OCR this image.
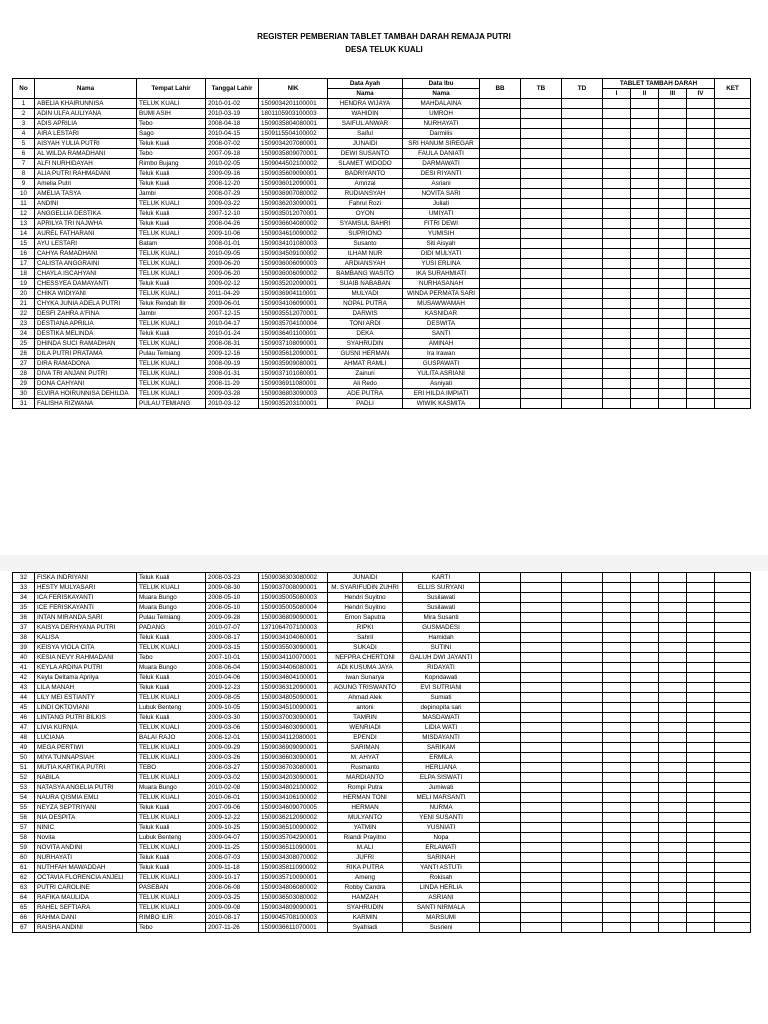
REGISTER PEMBERIAN TABLET TAMBAH DARAH REMAJA PUTRI
DESA TELUK KUALI
No	Nama	Tempat Lahir	Tanggal Lahir	NIK	Data Ayah	Data Ibu	BB	TB	TD	TABLET TAMBAH DARAH				KET
					Nama	Nama				I	II	III	IV	
1	ABELIA KHAIRUNNISA	TELUK KUALI	2010-01-02	1509034201100001	HENDRA WIJAYA	MAHDALAINA								
2	ADIN ULFA AULIYANA	BUMI ASIH	2010-03-19	1801105903100003	WAHIDIN	UMROH								
3	ADIS APRILIA	Tebo	2008-04-18	1509035804080001	SAIFUL ANWAR	NURHAYATI								
4	AIRA LESTARI	Sago	2010-04-15	1509115504100002	Saiful	Darmilis								
5	AISYAH YULIA PUTRI	Teluk Kuali	2008-07-02	1509034207080001	JUNAIDI	SRI HANUM SIREGAR								
6	AL WILDA RAMADHANI	Tebo	2007-09-18	1509035809070001	DEWI SUSANTO	FAULA DANIATI								
7	ALFI NURHIDAYAH	Rimbo Bujang	2010-02-05	1509044502100002	SLAMET WIDODO	DARMAWATI								
8	ALIA PUTRI RAHMADANI	Teluk Kuali	2009-09-16	1509035609090001	BADRIYANTO	DESI RIYANTI								
9	Amelia Putri	Teluk Kuali	2008-12-20	1509036012090001	Amrizal	Asriani								
10	AMELIA TASYA	Jambi	2008-07-29	1509036907080002	RUDIANSYAH	NOVITA SARI								
11	ANDINI	TELUK KUALI	2009-03-22	1509036203090001	Fahrul Rozi	Juliati								
12	ANGGELLIA DESTIKA	Teluk Kuali	2007-12-10	1509035012070001	OYON	UMIYATI								
13	APRILYA TRI NAJWHA	Teluk Kuali	2008-04-26	1509036604080002	SYAMSUL BAHRI	FITRI DEWI								
14	AUREL FATHARANI	TELUK KUALI	2009-10-06	1509034610090002	SUPRIONO	YUMISIH								
15	AYU LESTARI	Batam	2008-01-01	1509034101080003	Susanto	Siti Aisyah								
16	CAHYA RAMADHANI	TELUK KUALI	2010-09-05	1509034509100002	ILHAM NUR	DIDI MULYATI								
17	CALISTA ANGGRAINI	TELUK KUALI	2009-06-20	1509036006090003	ARDIANSYAH	YUSI ERLINA								
18	CHAYLA ISCAHYANI	TELUK KUALI	2009-06-20	1509036006090002	BAMBANG WASITO	IKA SURAHMIATI								
19	CHESSYEA DAMAYANTI	Teluk Kuali	2009-02-12	1509035202090001	SUAIB NABABAN	NURHASANAH								
20	CHIKA WIDIYANI	TELUK KUALI	2011-04-29	1509036904110001	MULYADI	WINDA PERMATA SARI								
21	CHYKA JUNIA ADELA PUTRI	Teluk Rendah Ilir	2009-06-01	1509034106090001	NOPAL PUTRA	MUSAWWAMAH								
22	DESFI ZAHRA A'FINA	Jambi	2007-12-15	1509035512070001	DARWIS	KASNIDAR								
23	DESTIANA APRILIA	TELUK KUALI	2010-04-17	1509035704100004	TONI ARDI	DESWITA								
24	DESTIKA MELINDA	Teluk Kuali	2010-01-24	1509036401100001	DEKA	SANTI								
25	DHINDA SUCI RAMADHAN	TELUK KUALI	2008-08-31	1509037108090001	SYAHRUDIN	AMINAH								
26	DILA PUTRI PRATAMA	Pulau Temiang	2009-12-16	1509035612090001	GUSNI HERMAN	Ira Irawan								
27	DIRA RAMADONA	TELUK KUALI	2008-09-19	1509035909080001	AHMAT RAMLI	GUSPAWATI								
28	DIVA TRI ANJANI PUTRI	TELUK KUALI	2008-01-31	1509037101080001	Zainuri	YULITA ASRIANI								
29	DONA CAHYANI	TELUK KUALI	2008-11-29	1509036911080001	Ali Redo	Asniyati								
30	ELVIRA HOIRUNNISA DEHILDA	TELUK KUALI	2009-03-28	1509036803090003	ADE PUTRA	ERI HILDA IMPIATI								
31	FALISHA RIZWANA	PULAU TEMIANG	2010-03-12	1509035203100001	PADLI	WIWIK KASMITA								
32	FISKA INDRIYANI	Teluk Kuali	2008-03-23	1509036303080002	JUNAIDI	KARTI								
33	HESTY MULYASARI	TELUK KUALI	2009-08-30	1509037008090001	M. SYARIFUDIN ZUHRI	ELLIS SURYANI								
34	ICA FERISKAYANTI	Muara Bungo	2008-05-10	1509035005080003	Hendri Suyitno	Susilawati								
35	ICE FERISKAYANTI	Muara Bungo	2008-05-10	1509035005080004	Hendri Suyitno	Susilawati								
36	INTAN MIRANDA SARI	Pulau Temiang	2009-09-28	1509036809090001	Emon Saputra	Mira Susanti								
37	KAISYA DERHYANA PUTRI	PADANG	2010-07-07	1371064707100003	RIPKI	GUSMADESI								
38	KALISA	Teluk Kuali	2009-08-17	1509034104060001	Sahril	Hamidah								
39	KEISYA VIOLA CITA	TELUK KUALI	2009-03-15	1509035503090001	SUKADI	SUTINI								
40	KESIA NEVY RAHMADANI	Tebo	2007-10-01	1509034110070001	NEFPRA CHERTONI	GALUH DWI JAYANTI								
41	KEYLA ARDINA PUTRI	Muara Bungo	2008-06-04	1509034406080001	ADI KUSUMA JAYA	RIDAYATI								
42	Keyla Deltama Aprilya	Teluk Kuali	2010-04-06	1509034604100001	Iwan Sunarya	Kopridawati								
43	LILA MANAH	Teluk Kuali	2009-12-23	1509036312090001	AGUNG TRISWANTO	EVI SUTRIANI								
44	LILY MEI ESTIANTY	TELUK KUALI	2009-08-05	1509034805090001	Ahmad Alek	Sumiati								
45	LINDI OKTOVIANI	Lubuk Benteng	2009-10-05	1509034510090001	antoni	depinopita sari								
46	LINTANG PUTRI BILKIS	Teluk Kuali	2009-03-30	1509037003090001	TAMRIN	MASDAWATI								
47	LIVIA KURNIA	TELUK KUALI	2009-03-06	1509034603090001	WENRIADI	LIDIA WATI								
48	LUCIANA	BALAI RAJO	2008-12-01	1509034112080001	EPENDI	MISDAYANTI								
49	MEGA PERTIWI	TELUK KUALI	2009-09-29	1509036909090001	SARIMAN	SARIKAM								
50	MIYA TUNNAPSIAH	TELUK KUALI	2009-03-26	1509036603090001	M. AHYAT	ERMILA								
51	MUTIA KARTIKA PUTRI	TEBO	2008-03-27	1509036703080001	Rusmanto	HERLIANA								
52	NABILA	TELUK KUALI	2009-03-02	1509034203090001	MARDIANTO	ELPA SISWATI								
53	NATASYA ANGELIA PUTRI	Muara Bungo	2010-02-08	1509034802100002	Rompi Putra	Jumiwati								
54	NAURA QISMIA EMLI	TELUK KUALI	2010-06-01	1509034106100002	HERMAN TONI	MELI MARSANTI								
55	NEYZA SEPTRIYANI	Teluk Kuali	2007-09-06	1509034609070005	HERMAN	NURMA								
56	NIA DESPITA	TELUK KUALI	2009-12-22	1509036212090002	MULYANTO	YENI SUSANTI								
57	NINIC	Teluk Kuali	2009-10-25	1509036510090002	YATMIN	YUSNIATI								
58	Novita	Lubuk Benteng	2009-04-07	1509035704290001	Riandi Prayitno	Nopa								
59	NOVITA ANDINI	TELUK KUALI	2009-11-25	1509036511090001	M.ALI	ERLAWATI								
60	NURHAYATI	Teluk Kuali	2008-07-03	1509034308070002	JUFRI	SARINAH								
61	NUTHFAH MAWADDAH	Teluk Kuali	2009-11-18	1509035811090002	RIKA PUTRA	YANTI ASTUTI								
62	OCTAVIA FLORENCIA ANJELI	TELUK KUALI	2009-10-17	1509035710090001	Ameng	Rokisah								
63	PUTRI CAROLINE	PASEBAN	2008-06-08	1509034806080002	Robby Candra	LINDA HERLIA								
64	RAFIKA MAULIDA	TELUK KUALI	2009-03-25	1509036503080002	HAMZAH	ASRIANI								
65	RAHEL SEFTIARA	TELUK KUALI	2009-09-08	1509034809090001	SYAHRUDIN	SANTI NIRMALA								
66	RAHMA DANI	RIMBO ILIR	2010-08-17	1509045708100003	KARMIN	MARSUMI								
67	RAISHA ANDINI	Tebo	2007-11-26	1509036611070001	Syafriadi	Susrieni								
